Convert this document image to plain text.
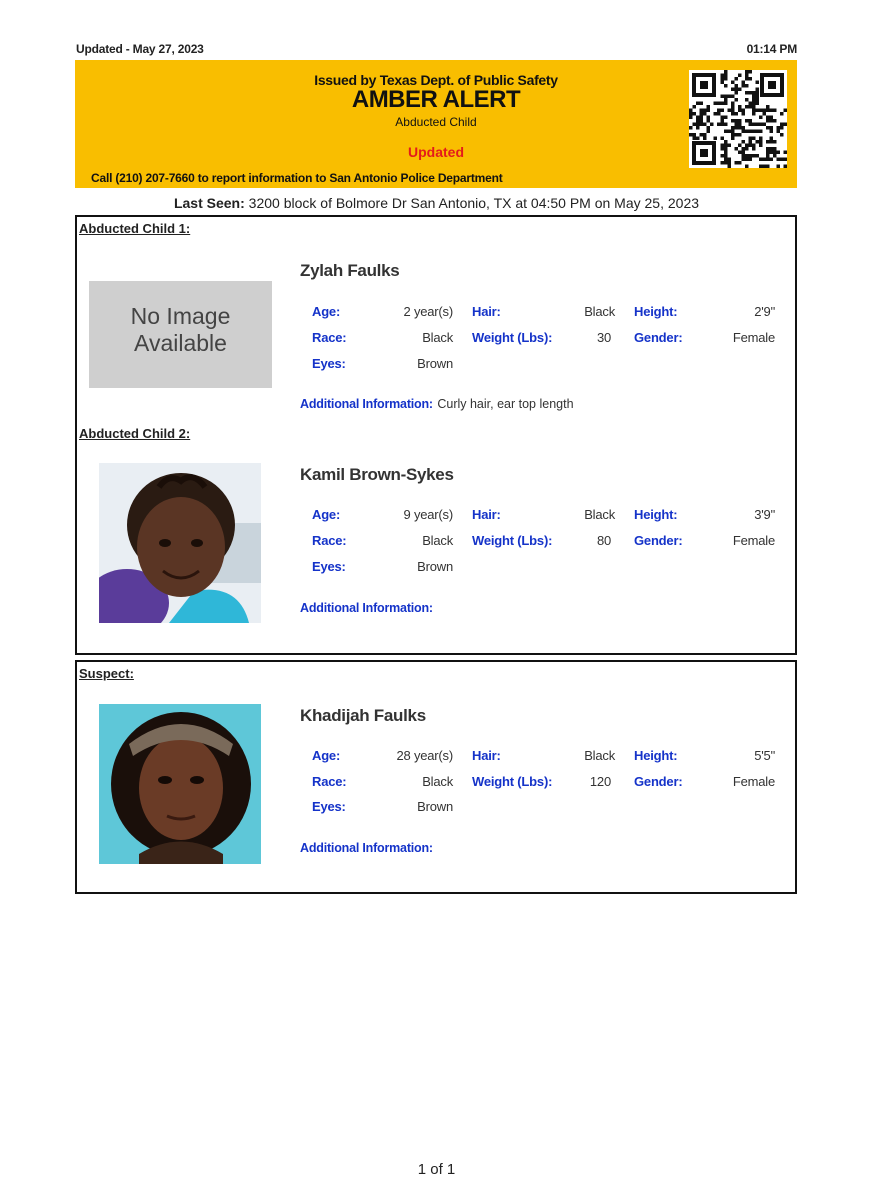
Updated - May 27, 2023	01:14 PM
Issued by Texas Dept. of Public Safety
AMBER ALERT
Abducted Child
Updated
Call (210) 207-7660 to report information to San Antonio Police Department
Last Seen: 3200 block of Bolmore Dr San Antonio, TX at 04:50 PM on May 25, 2023
Abducted Child 1:
No Image
Available
Zylah Faulks
Age:	2 year(s) Hair:	Black Height:	2'9"
Race:	Black Weight (Lbs):	30 Gender:	Female
Eyes:	Brown
Additional Information: Curly hair, ear top length
Abducted Child 2:
Kamil Brown-Sykes
Age:	9 year(s) Hair:	Black Height:	3'9"
Race:	Black Weight (Lbs):	80 Gender:	Female
Eyes:	Brown
Additional Information:
Suspect:
Khadijah Faulks
Age:	28 year(s) Hair:	Black Height:	5'5"
Race:	Black Weight (Lbs):	120 Gender:	Female
Eyes:	Brown
Additional Information:
1 of 1
